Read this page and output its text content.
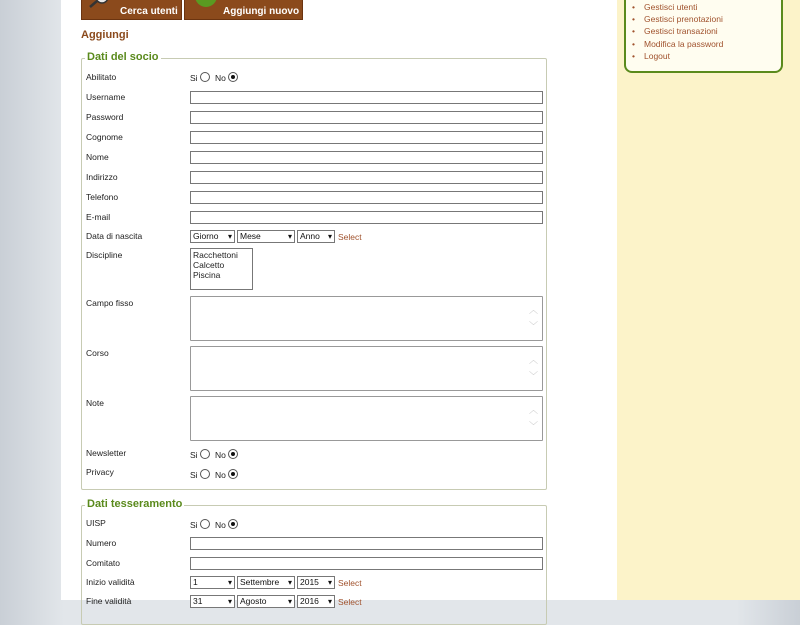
Cerca utenti	Aggiungi nuovo
Aggiungi
Dati del socio
Abilitato	Si No
Username
Password
Cognome
Nome
Indirizzo
Telefono
E-mail
Data di nascita	Giorno ▾ Mese	▾ Anno ▾ Select
Discipline	Racchettoni
Calcetto
Piscina
Campo fisso
︿
﹀
Corso
︿
﹀
Note
︿
﹀
Newsletter	Si No
Privacy	Si No
Dati tesseramento
UISP	Si No
Numero
Comitato
Inizio validità	1	▾ Settembre ▾ 2015 ▾ Select
Fine validità	31	▾ Agosto	▾ 2016 ▾ Select
• Gestisci utenti
• Gestisci prenotazioni
• Gestisci transazioni
• Modifica la password
• Logout
